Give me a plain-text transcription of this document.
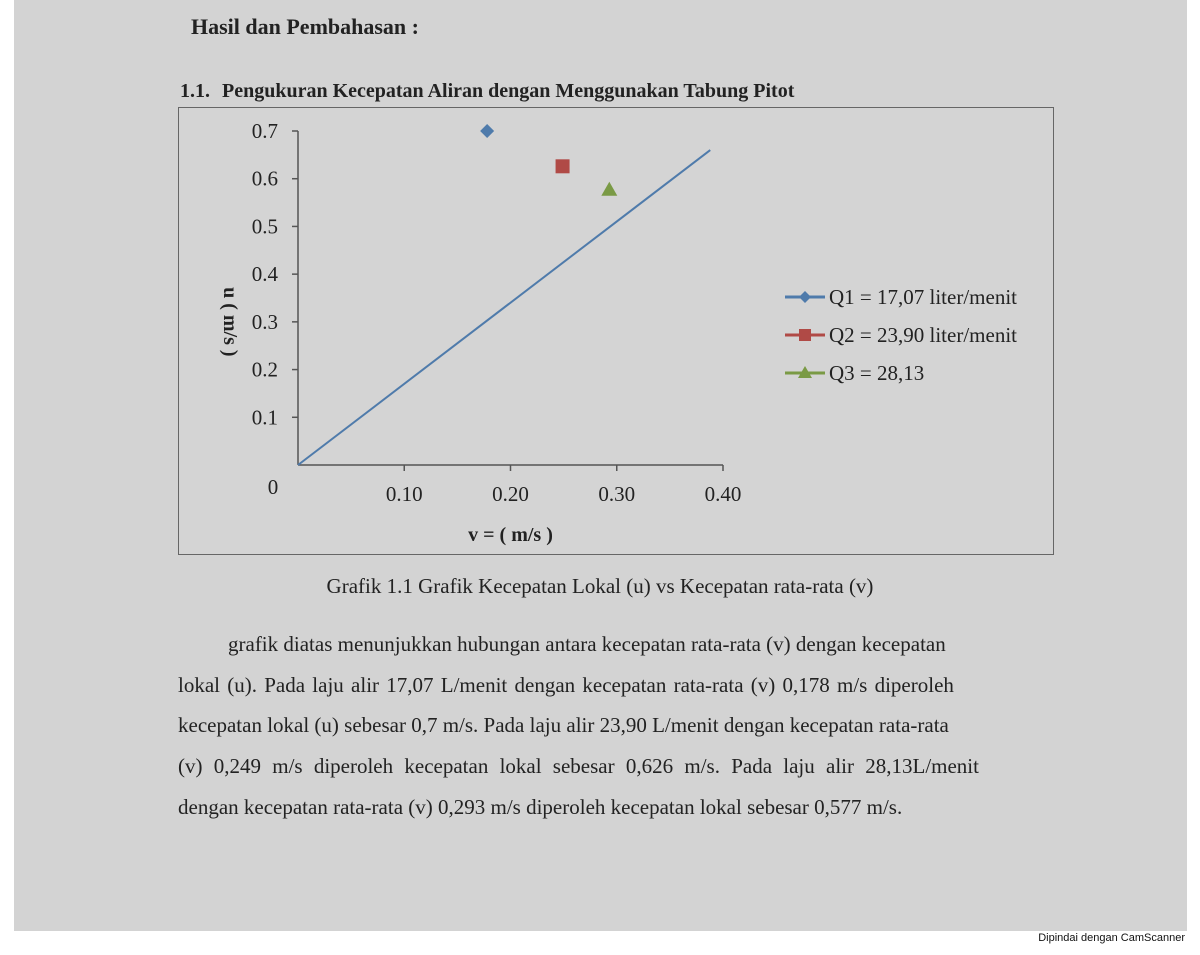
Hasil dan Pembahasan :
1.1. Pengukuran Kecepatan Aliran dengan Menggunakan Tabung Pitot
0.7
0.6
0.5
0.4
0.3
0.2
0.1
0.10	0.20	0.30	0.40
0
v = ( m/s )
u ( m/s )	Q1 = 17,07 liter/menit
Q2 = 23,90 liter/menit
Q3 = 28,13

Grafik 1.1 Grafik Kecepatan Lokal (u) vs Kecepatan rata-rata (v)

grafik diatas menunjukkan hubungan antara kecepatan rata-rata (v) dengan kecepatan

lokal (u). Pada laju alir 17,07 L/menit dengan kecepatan rata-rata (v) 0,178 m/s diperoleh

kecepatan lokal (u) sebesar 0,7 m/s. Pada laju alir 23,90 L/menit dengan kecepatan rata-rata

(v) 0,249 m/s diperoleh kecepatan lokal sebesar 0,626 m/s. Pada laju alir 28,13L/menit

dengan kecepatan rata-rata (v) 0,293 m/s diperoleh kecepatan lokal sebesar 0,577 m/s.

Dipindai dengan CamScanner
